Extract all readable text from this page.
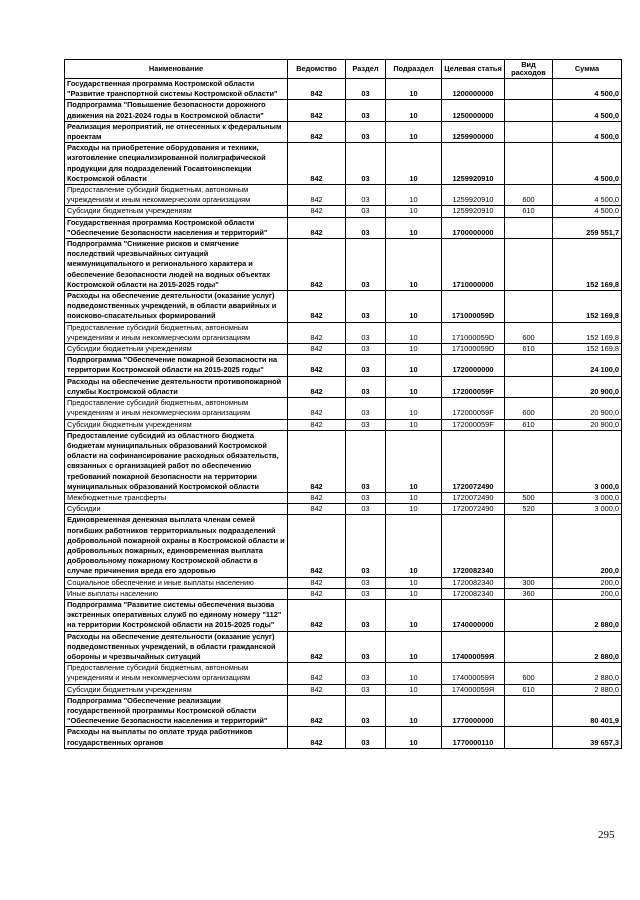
Наименование	Ведомство	Раздел	Подраздел	Целевая статья	Вид расходов	Сумма
Государственная программа Костромской области "Развитие транспортной системы Костромской области"	842	03	10	1200000000		4 500,0
Подпрограмма "Повышение безопасности дорожного движения на 2021-2024 годы в Костромской области"	842	03	10	1250000000		4 500,0
Реализация мероприятий, не отнесенных к федеральным проектам	842	03	10	1259900000		4 500,0
Расходы на приобретение оборудования и техники, изготовление специализированной полиграфической продукции для подразделений Госавтоинспекции Костромской области	842	03	10	1259920910		4 500,0
Предоставление субсидий бюджетным, автономным учреждениям и иным некоммерческим организациям	842	03	10	1259920910	600	4 500,0
Субсидии бюджетным учреждениям	842	03	10	1259920910	610	4 500,0
Государственная программа Костромской области "Обеспечение безопасности населения и территорий"	842	03	10	1700000000		259 551,7
Подпрограмма "Снижение рисков и смягчение последствий чрезвычайных ситуаций межмуниципального и регионального характера и обеспечение безопасности людей на водных объектах Костромской области на 2015-2025 годы"	842	03	10	1710000000		152 169,8
Расходы на обеспечение деятельности (оказание услуг) подведомственных учреждений, в области аварийных и поисково-спасательных формирований	842	03	10	171000059D		152 169,8
Предоставление субсидий бюджетным, автономным учреждениям и иным некоммерческим организациям	842	03	10	171000059D	600	152 169,8
Субсидии бюджетным учреждениям	842	03	10	171000059D	610	152 169,8
Подпрограмма "Обеспечение пожарной безопасности на территории Костромской области на 2015-2025 годы"	842	03	10	1720000000		24 100,0
Расходы на обеспечение деятельности противопожарной службы Костромской области	842	03	10	172000059F		20 900,0
Предоставление субсидий бюджетным, автономным учреждениям и иным некоммерческим организациям	842	03	10	172000059F	600	20 900,0
Субсидии бюджетным учреждениям	842	03	10	172000059F	610	20 900,0
Предоставление субсидий из областного бюджета бюджетам муниципальных образований Костромской области на софинансирование расходных обязательств, связанных с организацией работ по обеспечению требований пожарной безопасности на территории муниципальных образований Костромской области	842	03	10	1720072490		3 000,0
Межбюджетные трансферты	842	03	10	1720072490	500	3 000,0
Субсидии	842	03	10	1720072490	520	3 000,0
Единовременная денежная выплата членам семей погибших работников территориальных подразделений добровольной пожарной охраны в Костромской области и добровольных пожарных, единовременная выплата добровольному пожарному Костромской области в случае причинения вреда его здоровью	842	03	10	1720082340		200,0
Социальное обеспечение и иные выплаты населению	842	03	10	1720082340	300	200,0
Иные выплаты населению	842	03	10	1720082340	360	200,0
Подпрограмма "Развитие системы обеспечения вызова экстренных оперативных служб по единому номеру "112" на территории Костромской области на 2015-2025 годы"	842	03	10	1740000000		2 880,0
Расходы на обеспечение деятельности (оказание услуг) подведомственных учреждений, в области гражданской обороны и чрезвычайных ситуаций	842	03	10	174000059Я		2 880,0
Предоставление субсидий бюджетным, автономным учреждениям и иным некоммерческим организациям	842	03	10	174000059Я	600	2 880,0
Субсидии бюджетным учреждениям	842	03	10	174000059Я	610	2 880,0
Подпрограмма "Обеспечение реализации государственной программы Костромской области "Обеспечение безопасности населения и территорий"	842	03	10	1770000000		80 401,9
Расходы на выплаты по оплате труда работников государственных органов	842	03	10	1770000110		39 657,3
295
